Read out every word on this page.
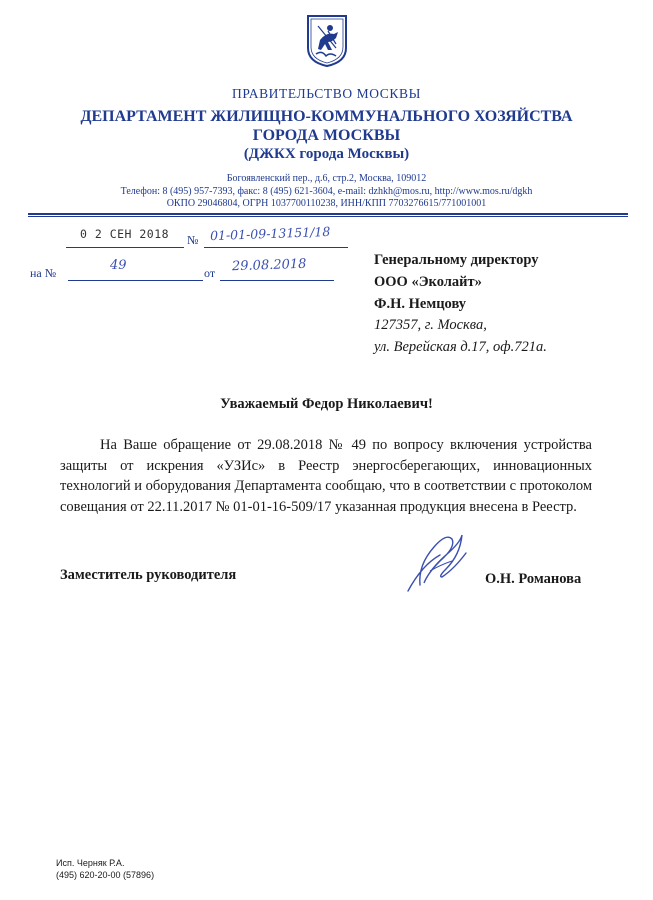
ПРАВИТЕЛЬСТВО МОСКВЫ
ДЕПАРТАМЕНТ ЖИЛИЩНО-КОММУНАЛЬНОГО ХОЗЯЙСТВА
ГОРОДА МОСКВЫ
(ДЖКХ города Москвы)
Богоявленский пер., д.6, стр.2, Москва, 109012
Телефон: 8 (495) 957-7393, факс: 8 (495) 621-3604, e-mail: dzhkh@mos.ru, http://www.mos.ru/dgkh
ОКПО 29046804, ОГРН 1037700110238, ИНН/КПП 7703276615/771001001
0 2 СЕН 2018 № 01-01-09-13151/18
на №	49	от 29.08.2018	Генеральному директору
ООО «Эколайт»
Ф.Н. Немцову
127357, г. Москва,
ул. Верейская д.17, оф.721а.
Уважаемый Федор Николаевич!

На Ваше обращение от 29.08.2018 № 49 по вопросу включения устройства защиты от искрения «УЗИс» в Реестр энергосберегающих, инновационных технологий и оборудования Департамента сообщаю, что в соответствии с протоколом совещания от 22.11.2017 № 01-01-16-509/17 указанная продукция внесена в Реестр.

Заместитель руководителя	О.Н. Романова
Исп. Черняк Р.А.
(495) 620-20-00 (57896)
